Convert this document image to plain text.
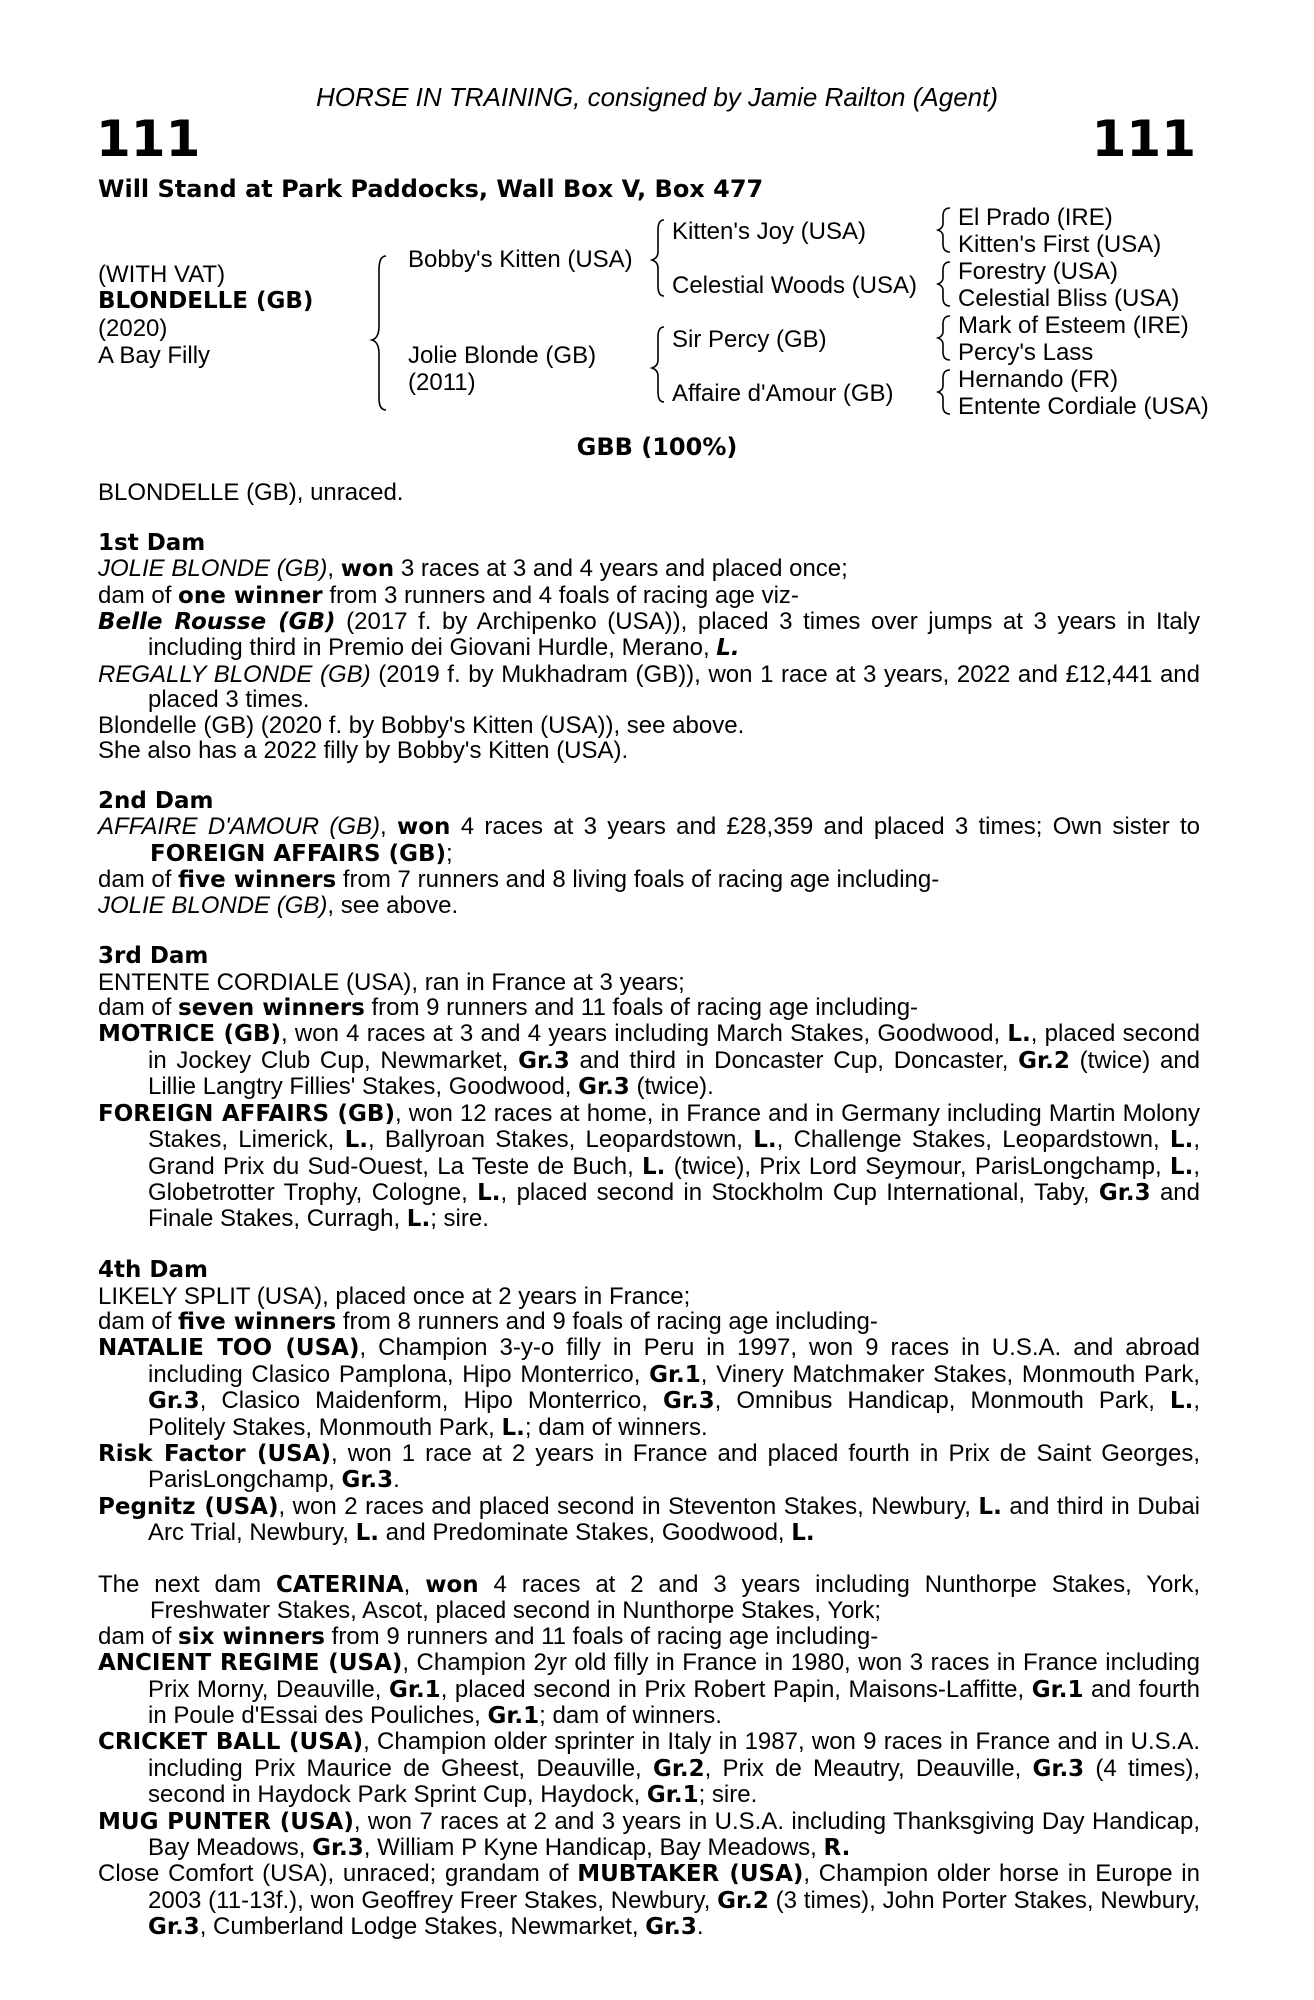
HORSE IN TRAINING, consigned by Jamie Railton (Agent)
111	111
Will Stand at Park Paddocks, Wall Box V, Box 477
(WITH VAT)
BLONDELLE (GB)
(2020)
A Bay Filly
Bobby's Kitten (USA)
Jolie Blonde (GB)
(2011)
Kitten's Joy (USA)
Celestial Woods (USA)
Sir Percy (GB)
Affaire d'Amour (GB)
El Prado (IRE)
Kitten's First (USA)
Forestry (USA)
Celestial Bliss (USA)
Mark of Esteem (IRE)
Percy's Lass
Hernando (FR)
Entente Cordiale (USA)
GBB (100%)

BLONDELLE (GB), unraced.

1st Dam

JOLIE BLONDE (GB), won 3 races at 3 and 4 years and placed once;

dam of one winner from 3 runners and 4 foals of racing age viz-

Belle Rousse (GB) (2017 f. by Archipenko (USA)), placed 3 times over jumps at 3 years in Italy including third in Premio dei Giovani Hurdle, Merano, L.

REGALLY BLONDE (GB) (2019 f. by Mukhadram (GB)), won 1 race at 3 years, 2022 and £12,441 and placed 3 times.

Blondelle (GB) (2020 f. by Bobby's Kitten (USA)), see above.

She also has a 2022 filly by Bobby's Kitten (USA).

2nd Dam

AFFAIRE D'AMOUR (GB), won 4 races at 3 years and £28,359 and placed 3 times; Own sister to FOREIGN AFFAIRS (GB);

dam of five winners from 7 runners and 8 living foals of racing age including-

JOLIE BLONDE (GB), see above.

3rd Dam

ENTENTE CORDIALE (USA), ran in France at 3 years;

dam of seven winners from 9 runners and 11 foals of racing age including-

MOTRICE (GB), won 4 races at 3 and 4 years including March Stakes, Goodwood, L., placed second in Jockey Club Cup, Newmarket, Gr.3 and third in Doncaster Cup, Doncaster, Gr.2 (twice) and Lillie Langtry Fillies' Stakes, Goodwood, Gr.3 (twice).

FOREIGN AFFAIRS (GB), won 12 races at home, in France and in Germany including Martin Molony Stakes, Limerick, L., Ballyroan Stakes, Leopardstown, L., Challenge Stakes, Leopardstown, L., Grand Prix du Sud-Ouest, La Teste de Buch, L. (twice), Prix Lord Seymour, ParisLongchamp, L., Globetrotter Trophy, Cologne, L., placed second in Stockholm Cup International, Taby, Gr.3 and Finale Stakes, Curragh, L.; sire.

4th Dam

LIKELY SPLIT (USA), placed once at 2 years in France;

dam of five winners from 8 runners and 9 foals of racing age including-

NATALIE TOO (USA), Champion 3-y-o filly in Peru in 1997, won 9 races in U.S.A. and abroad including Clasico Pamplona, Hipo Monterrico, Gr.1, Vinery Matchmaker Stakes, Monmouth Park, Gr.3, Clasico Maidenform, Hipo Monterrico, Gr.3, Omnibus Handicap, Monmouth Park, L., Politely Stakes, Monmouth Park, L.; dam of winners.

Risk Factor (USA), won 1 race at 2 years in France and placed fourth in Prix de Saint Georges, ParisLongchamp, Gr.3.

Pegnitz (USA), won 2 races and placed second in Steventon Stakes, Newbury, L. and third in Dubai Arc Trial, Newbury, L. and Predominate Stakes, Goodwood, L.

The next dam CATERINA, won 4 races at 2 and 3 years including Nunthorpe Stakes, York, Freshwater Stakes, Ascot, placed second in Nunthorpe Stakes, York;

dam of six winners from 9 runners and 11 foals of racing age including-

ANCIENT REGIME (USA), Champion 2yr old filly in France in 1980, won 3 races in France including Prix Morny, Deauville, Gr.1, placed second in Prix Robert Papin, Maisons-Laffitte, Gr.1 and fourth in Poule d'Essai des Pouliches, Gr.1; dam of winners.

CRICKET BALL (USA), Champion older sprinter in Italy in 1987, won 9 races in France and in U.S.A. including Prix Maurice de Gheest, Deauville, Gr.2, Prix de Meautry, Deauville, Gr.3 (4 times), second in Haydock Park Sprint Cup, Haydock, Gr.1; sire.

MUG PUNTER (USA), won 7 races at 2 and 3 years in U.S.A. including Thanksgiving Day Handicap, Bay Meadows, Gr.3, William P Kyne Handicap, Bay Meadows, R.

Close Comfort (USA), unraced; grandam of MUBTAKER (USA), Champion older horse in Europe in 2003 (11-13f.), won Geoffrey Freer Stakes, Newbury, Gr.2 (3 times), John Porter Stakes, Newbury, Gr.3, Cumberland Lodge Stakes, Newmarket, Gr.3.
